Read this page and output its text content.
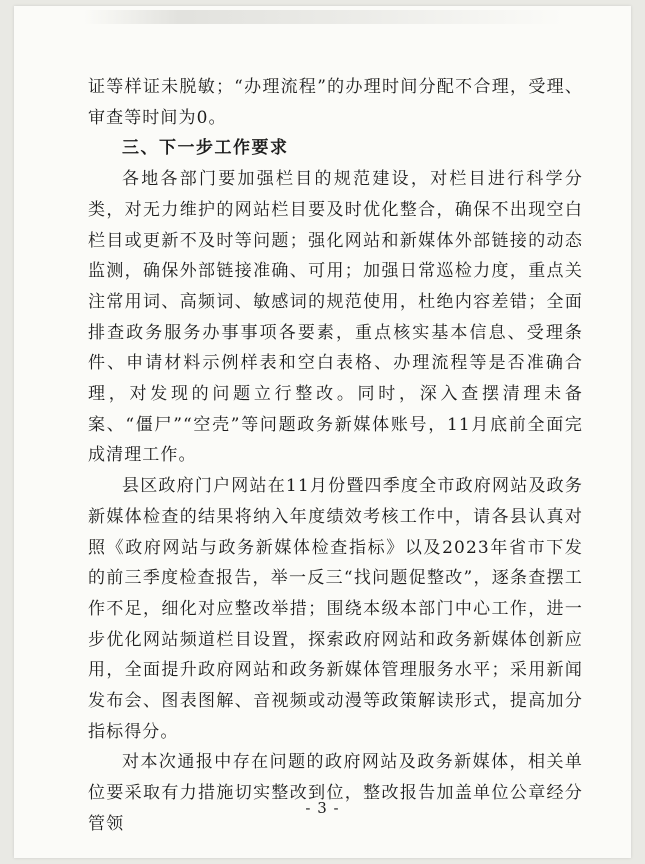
证等样证未脱敏；“办理流程”的办理时间分配不合理，受理、审查等时间为0。

三、下一步工作要求

各地各部门要加强栏目的规范建设，对栏目进行科学分类，对无力维护的网站栏目要及时优化整合，确保不出现空白栏目或更新不及时等问题；强化网站和新媒体外部链接的动态监测，确保外部链接准确、可用；加强日常巡检力度，重点关注常用词、高频词、敏感词的规范使用，杜绝内容差错；全面排查政务服务办事事项各要素，重点核实基本信息、受理条件、申请材料示例样表和空白表格、办理流程等是否准确合理，对发现的问题立行整改。同时，深入查摆清理未备案、“僵尸”“空壳”等问题政务新媒体账号，11月底前全面完成清理工作。

县区政府门户网站在11月份暨四季度全市政府网站及政务新媒体检查的结果将纳入年度绩效考核工作中，请各县认真对照《政府网站与政务新媒体检查指标》以及2023年省市下发的前三季度检查报告，举一反三“找问题促整改”，逐条查摆工作不足，细化对应整改举措；围绕本级本部门中心工作，进一步优化网站频道栏目设置，探索政府网站和政务新媒体创新应用，全面提升政府网站和政务新媒体管理服务水平；采用新闻发布会、图表图解、音视频或动漫等政策解读形式，提高加分指标得分。

对本次通报中存在问题的政府网站及政务新媒体，相关单位要采取有力措施切实整改到位，整改报告加盖单位公章经分管领

- 3 -
